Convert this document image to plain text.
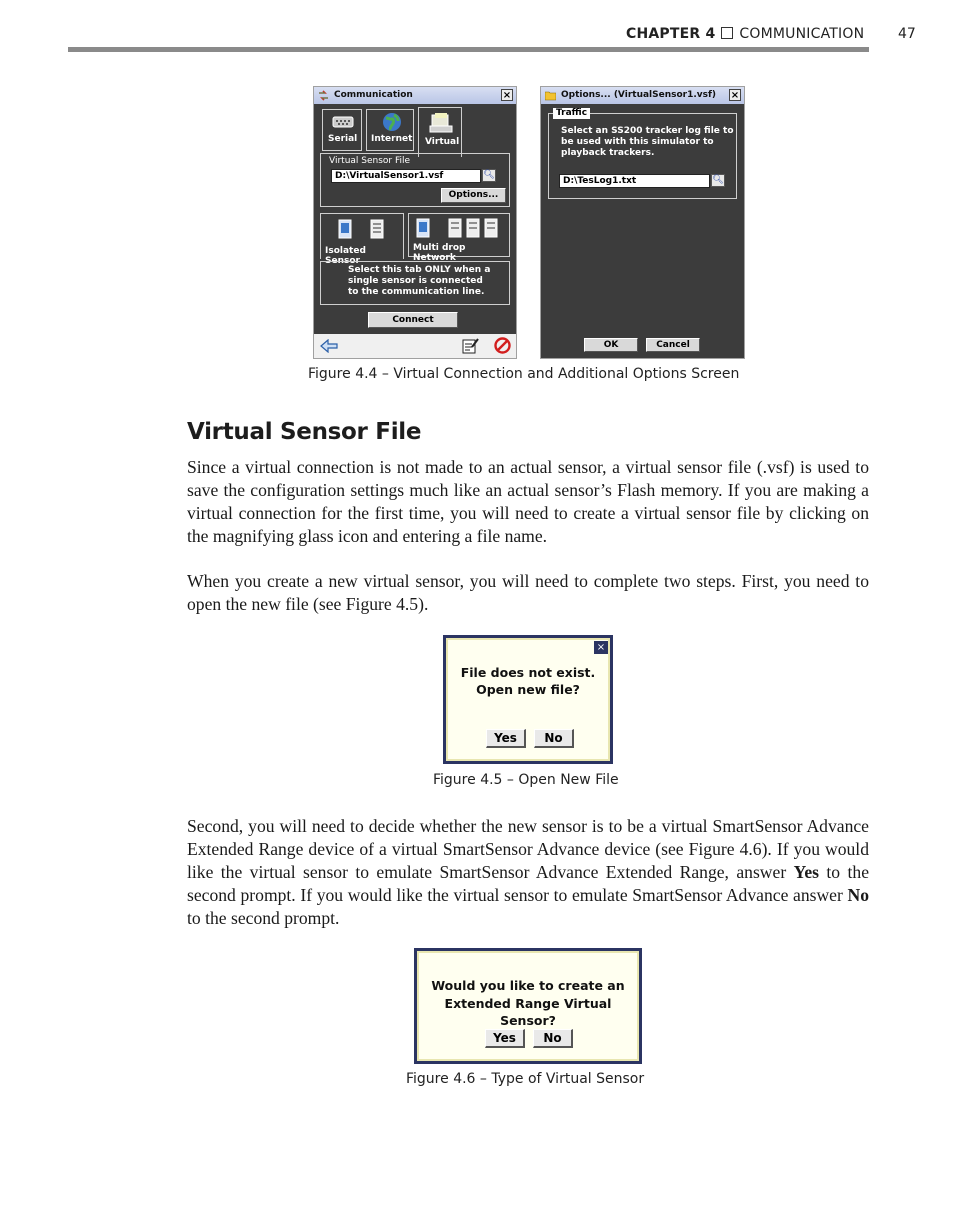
CHAPTER 4 COMMUNICATION 47
Communication	×
Serial Internet Virtual
Virtual Sensor File
D:\VirtualSensor1.vsf	🔍︎
Options...
Isolated Sensor
Multi drop Network
Select this tab ONLY when a
single sensor is connected
to the communication line.
Connect
Options... (VirtualSensor1.vsf) ×
Traffic
Select an SS200 tracker log file to
be used with this simulator to
playback trackers.
D:\TesLog1.txt	🔍︎
OK	Cancel
Figure 4.4 – Virtual Connection and Additional Options Screen
Virtual Sensor File

Since a virtual connection is not made to an actual sensor, a virtual sensor file (.vsf) is used to save the configuration settings much like an actual sensor’s Flash memory. If you are making a virtual connection for the first time, you will need to create a virtual sensor file by clicking on the magnifying glass icon and entering a file name.

When you create a new virtual sensor, you will need to complete two steps. First, you need to open the new file (see Figure 4.5).

×
File does not exist.
Open new file?
Yes	No
Figure 4.5 – Open New File

Second, you will need to decide whether the new sensor is to be a virtual SmartSensor Advance Extended Range device of a virtual SmartSensor Advance device (see Figure 4.6). If you would like the virtual sensor to emulate SmartSensor Advance Extended Range, answer Yes to the second prompt. If you would like the virtual sensor to emulate SmartSensor Advance answer No to the second prompt.

Would you like to create an
Extended Range Virtual Sensor?
Yes	No
Figure 4.6 – Type of Virtual Sensor
